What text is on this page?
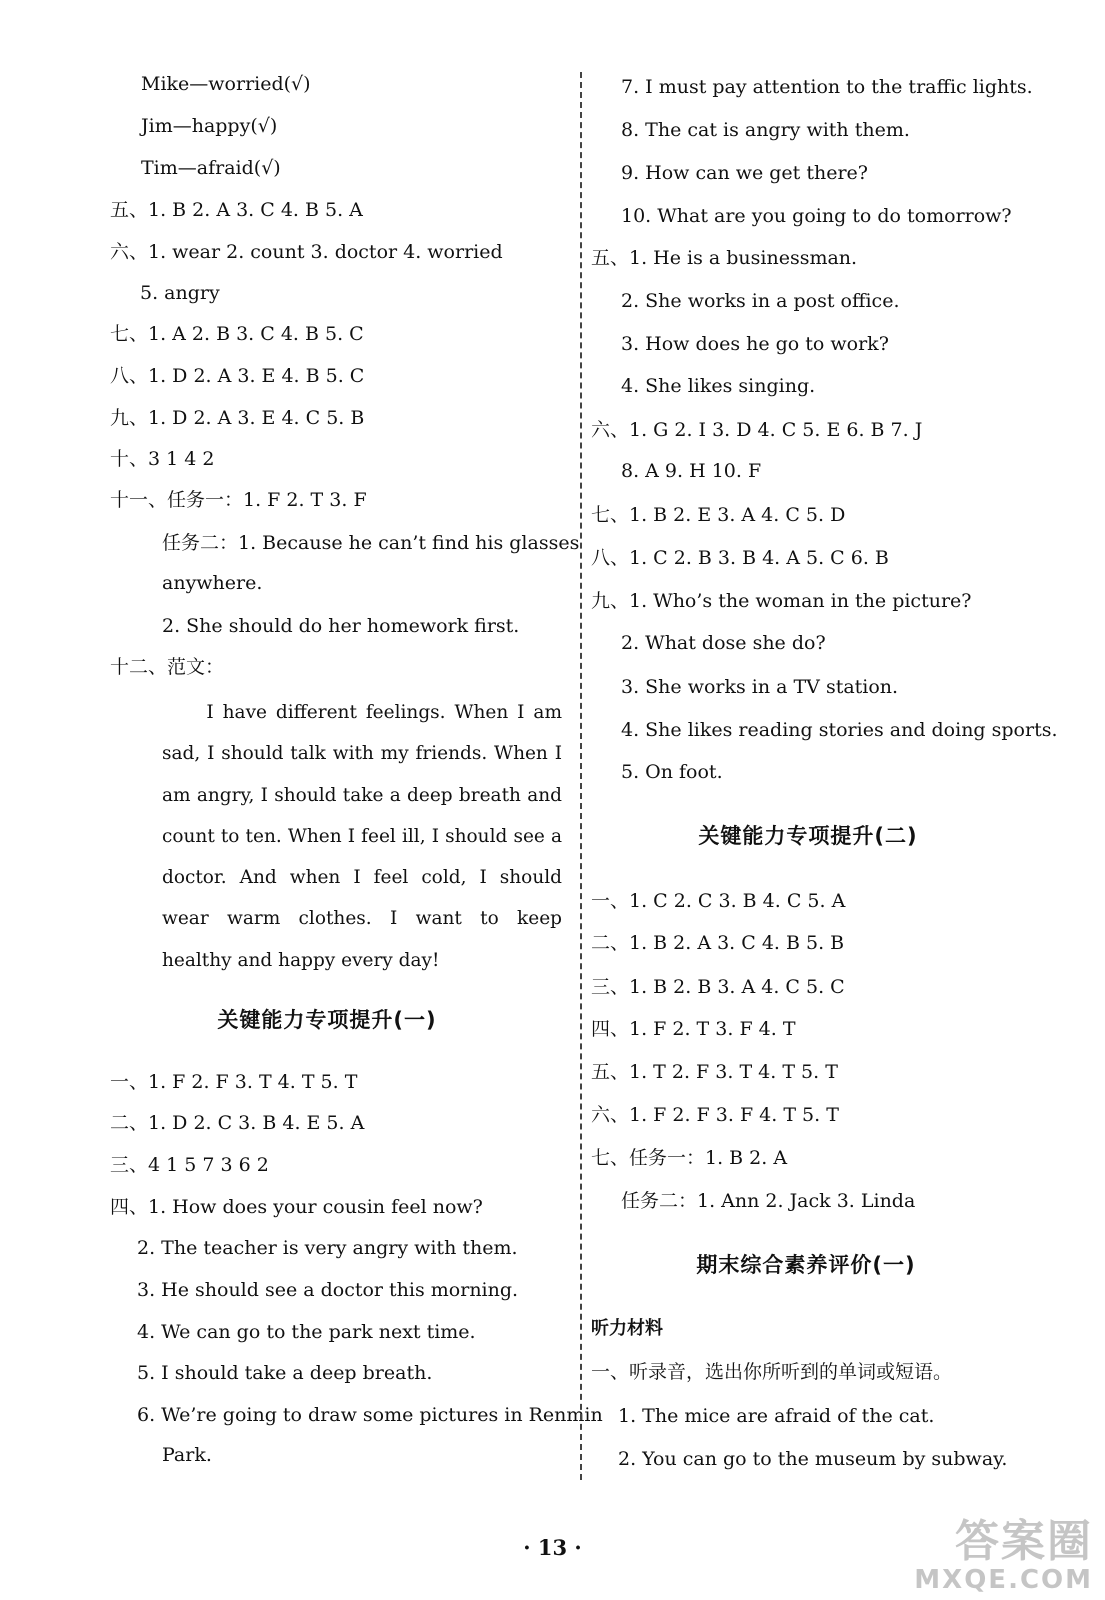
Mike—worried(√)
Jim—happy(√)
Tim—afraid(√)
五、1. B 2. A 3. C 4. B 5. A
六、1. wear 2. count 3. doctor 4. worried
5. angry
七、1. A 2. B 3. C 4. B 5. C
八、1. D 2. A 3. E 4. B 5. C
九、1. D 2. A 3. E 4. C 5. B
十、3 1 4 2
十一、任务一：1. F 2. T 3. F
任务二：1. Because he can’t find his glasses
anywhere.
2. She should do her homework first.
十二、范文：
I have different feelings. When I am sad, I should talk with my friends. When I am angry, I should take a deep breath and count to ten. When I feel ill, I should see a doctor. And when I feel cold, I should wear warm clothes. I want to keep healthy and happy every day!
关键能力专项提升(一)
一、1. F 2. F 3. T 4. T 5. T
二、1. D 2. C 3. B 4. E 5. A
三、4 1 5 7 3 6 2
四、1. How does your cousin feel now?
2. The teacher is very angry with them.
3. He should see a doctor this morning.
4. We can go to the park next time.
5. I should take a deep breath.
6. We’re going to draw some pictures in Renmin
Park.
7. I must pay attention to the traffic lights.
8. The cat is angry with them.
9. How can we get there?
10. What are you going to do tomorrow?
五、1. He is a businessman.
2. She works in a post office.
3. How does he go to work?
4. She likes singing.
六、1. G 2. I 3. D 4. C 5. E 6. B 7. J
8. A 9. H 10. F
七、1. B 2. E 3. A 4. C 5. D
八、1. C 2. B 3. B 4. A 5. C 6. B
九、1. Who’s the woman in the picture?
2. What dose she do?
3. She works in a TV station.
4. She likes reading stories and doing sports.
5. On foot.
关键能力专项提升(二)
一、1. C 2. C 3. B 4. C 5. A
二、1. B 2. A 3. C 4. B 5. B
三、1. B 2. B 3. A 4. C 5. C
四、1. F 2. T 3. F 4. T
五、1. T 2. F 3. T 4. T 5. T
六、1. F 2. F 3. F 4. T 5. T
七、任务一：1. B 2. A
任务二：1. Ann 2. Jack 3. Linda
期末综合素养评价(一)
听力材料
一、听录音，选出你所听到的单词或短语。
1. The mice are afraid of the cat.
2. You can go to the museum by subway.
· 13 ·	答案圈
MXQE.COM
